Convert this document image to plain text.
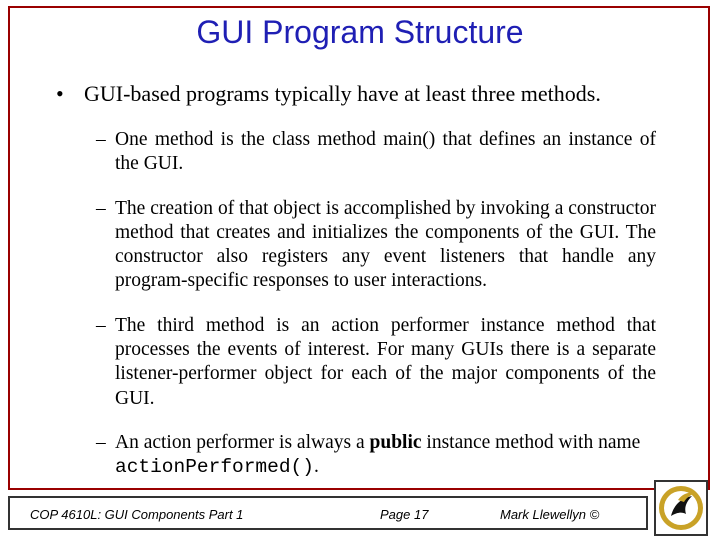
GUI Program Structure
• GUI-based programs typically have at least three methods.
– One method is the class method main() that defines an instance of the GUI.
– The creation of that object is accomplished by invoking a constructor method that creates and initializes the components of the GUI. The constructor also registers any event listeners that handle any program-specific responses to user interactions.
– The third method is an action performer instance method that processes the events of interest. For many GUIs there is a separate listener-performer object for each of the major components of the GUI.
– An action performer is always a public instance method with name actionPerformed().
COP 4610L: GUI Components Part 1	Page 17	Mark Llewellyn ©
